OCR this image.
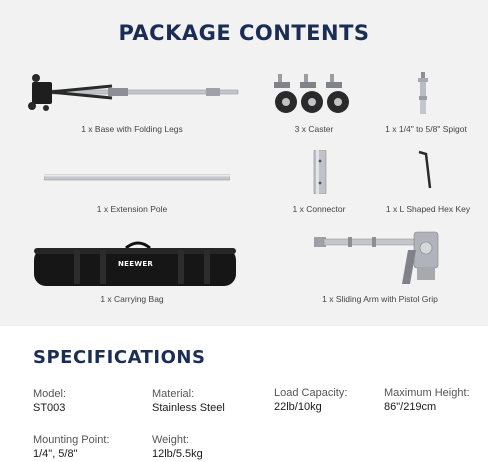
PACKAGE CONTENTS
1 x Base with Folding Legs	3 x Caster	1 x 1/4" to 5/8" Spigot
1 x Extension Pole	1 x Connector	1 x L Shaped Hex Key
NEEWER
1 x Carrying Bag	1 x Sliding Arm with Pistol Grip
SPECIFICATIONS
Model:
ST003
Material:
Stainless Steel
Load Capacity:
22lb/10kg
Maximum Height:
86"/219cm
Mounting Point:
1/4", 5/8"
Weight:
12lb/5.5kg
